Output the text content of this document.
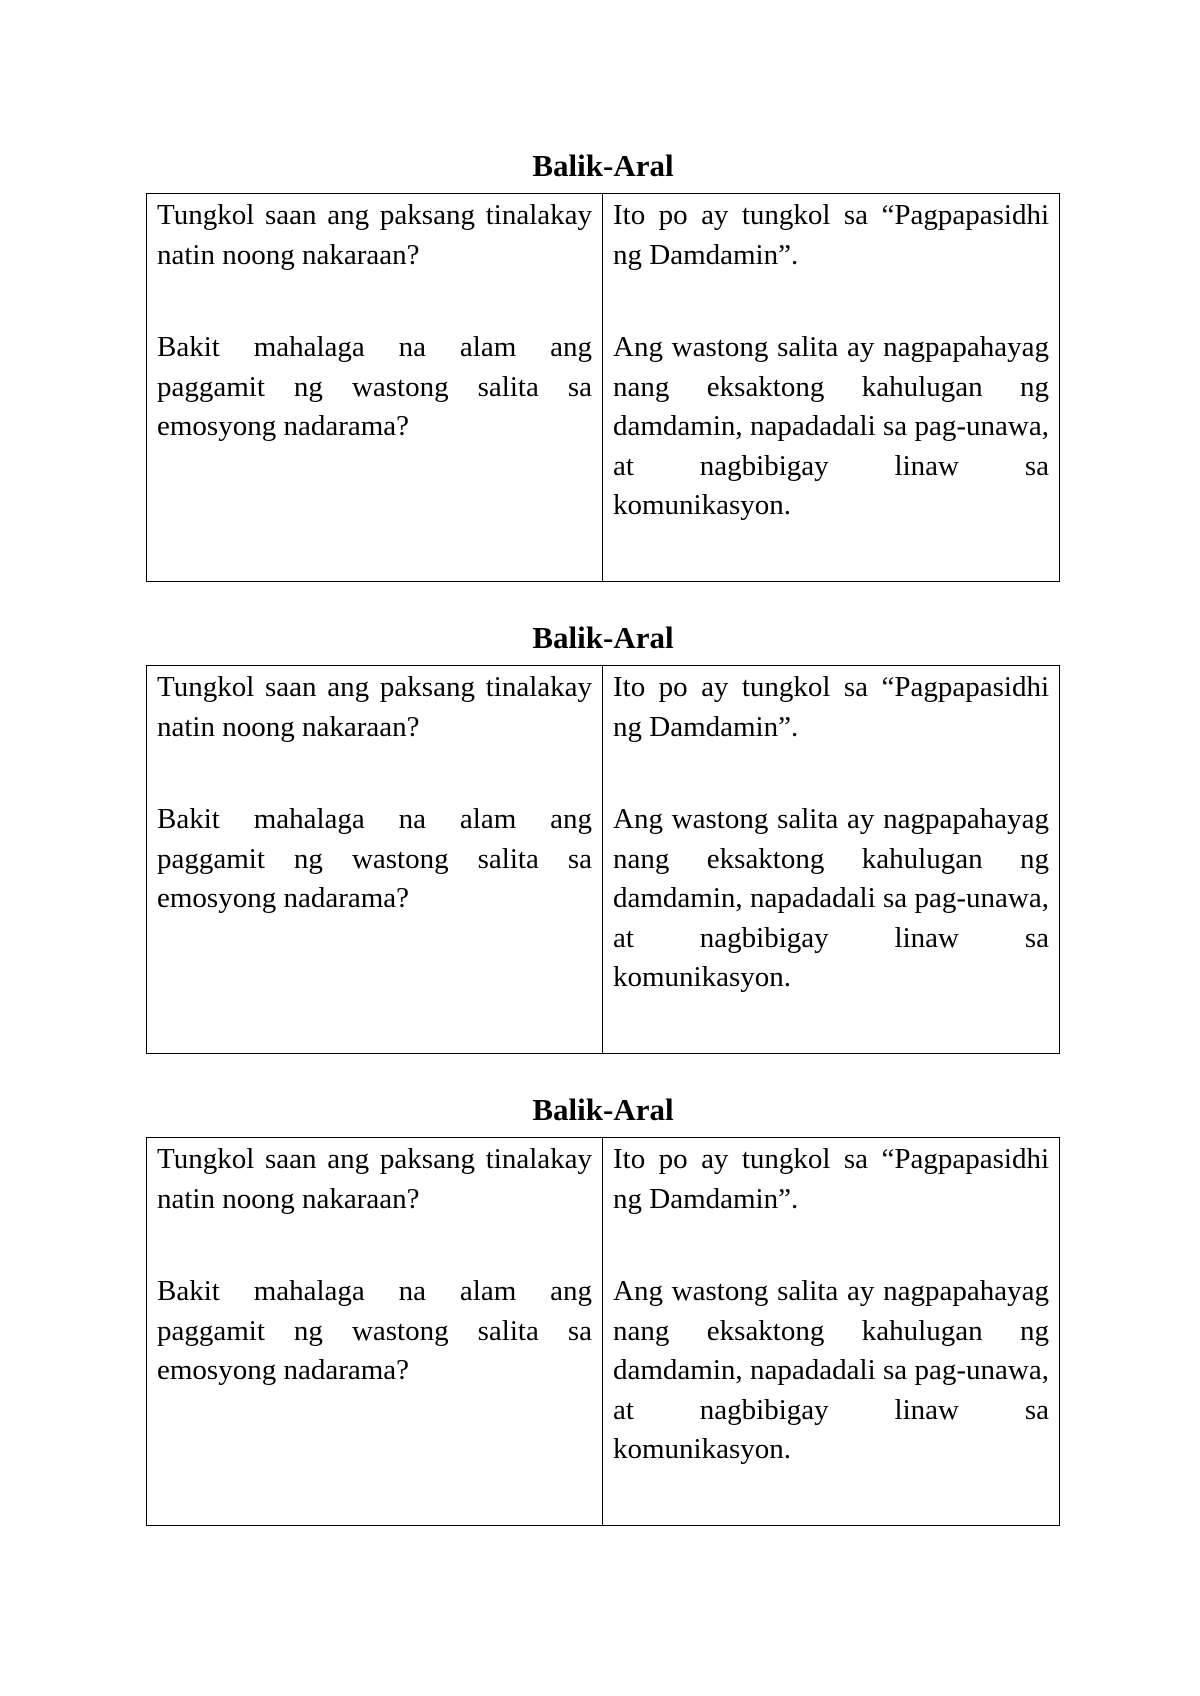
Balik-Aral

Tungkol saan ang paksang tinalakay natin noong nakaraan?

Bakit mahalaga na alam ang paggamit ng wastong salita sa emosyong nadarama?

Ito po ay tungkol sa “Pagpapasidhi ng Damdamin”.

Ang wastong salita ay nagpapahayag nang eksaktong kahulugan ng damdamin, napadadali sa pag-unawa, at nagbibigay linaw sa komunikasyon.

Balik-Aral

Tungkol saan ang paksang tinalakay natin noong nakaraan?

Bakit mahalaga na alam ang paggamit ng wastong salita sa emosyong nadarama?

Ito po ay tungkol sa “Pagpapasidhi ng Damdamin”.

Ang wastong salita ay nagpapahayag nang eksaktong kahulugan ng damdamin, napadadali sa pag-unawa, at nagbibigay linaw sa komunikasyon.

Balik-Aral

Tungkol saan ang paksang tinalakay natin noong nakaraan?

Bakit mahalaga na alam ang paggamit ng wastong salita sa emosyong nadarama?

Ito po ay tungkol sa “Pagpapasidhi ng Damdamin”.

Ang wastong salita ay nagpapahayag nang eksaktong kahulugan ng damdamin, napadadali sa pag-unawa, at nagbibigay linaw sa komunikasyon.
